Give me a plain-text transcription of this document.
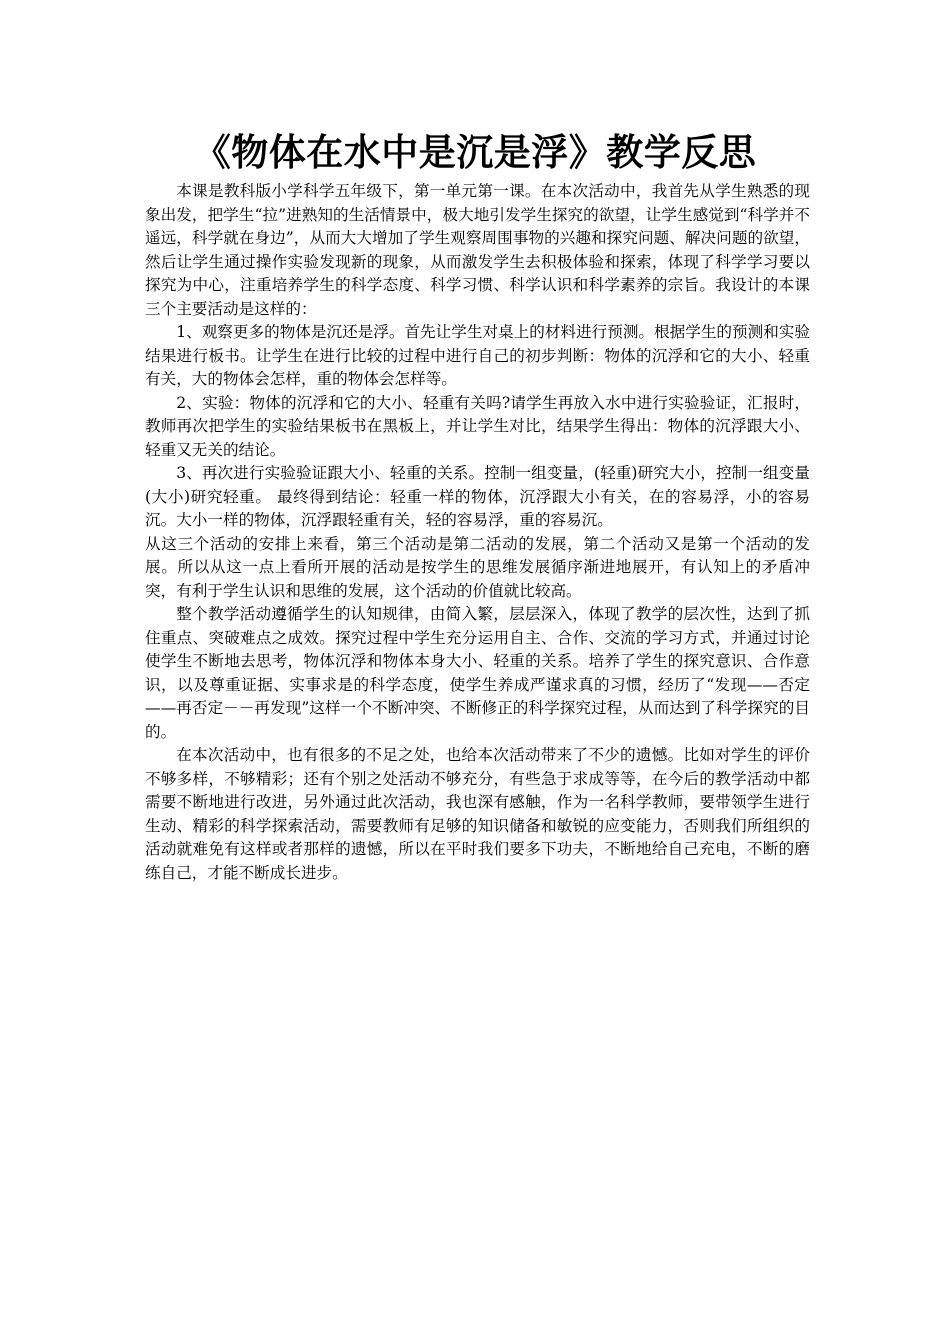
《物体在水中是沉是浮》教学反思

本课是教科版小学科学五年级下，第一单元第一课。在本次活动中，我首先从学生熟悉的现象出发，把学生“拉”进熟知的生活情景中，极大地引发学生探究的欲望，让学生感觉到“科学并不遥远，科学就在身边”，从而大大增加了学生观察周围事物的兴趣和探究问题、解决问题的欲望，然后让学生通过操作实验发现新的现象，从而激发学生去积极体验和探索，体现了科学学习要以探究为中心，注重培养学生的科学态度、科学习惯、科学认识和科学素养的宗旨。我设计的本课三个主要活动是这样的：

1、观察更多的物体是沉还是浮。首先让学生对桌上的材料进行预测。根据学生的预测和实验结果进行板书。让学生在进行比较的过程中进行自己的初步判断：物体的沉浮和它的大小、轻重有关，大的物体会怎样，重的物体会怎样等。

2、实验：物体的沉浮和它的大小、轻重有关吗?请学生再放入水中进行实验验证，汇报时，教师再次把学生的实验结果板书在黑板上，并让学生对比，结果学生得出：物体的沉浮跟大小、轻重又无关的结论。

3、再次进行实验验证跟大小、轻重的关系。控制一组变量，(轻重)研究大小，控制一组变量(大小)研究轻重。 最终得到结论：轻重一样的物体，沉浮跟大小有关，在的容易浮，小的容易沉。大小一样的物体，沉浮跟轻重有关，轻的容易浮，重的容易沉。

从这三个活动的安排上来看，第三个活动是第二活动的发展，第二个活动又是第一个活动的发展。所以从这一点上看所开展的活动是按学生的思维发展循序渐进地展开，有认知上的矛盾冲突，有利于学生认识和思维的发展，这个活动的价值就比较高。

整个教学活动遵循学生的认知规律，由简入繁，层层深入，体现了教学的层次性，达到了抓住重点、突破难点之成效。探究过程中学生充分运用自主、合作、交流的学习方式，并通过讨论使学生不断地去思考，物体沉浮和物体本身大小、轻重的关系。培养了学生的探究意识、合作意识，以及尊重证据、实事求是的科学态度，使学生养成严谨求真的习惯，经历了“发现——否定——再否定－－再发现”这样一个不断冲突、不断修正的科学探究过程，从而达到了科学探究的目的。

在本次活动中，也有很多的不足之处，也给本次活动带来了不少的遗憾。比如对学生的评价不够多样，不够精彩；还有个别之处活动不够充分，有些急于求成等等，在今后的教学活动中都需要不断地进行改进，另外通过此次活动，我也深有感触，作为一名科学教师，要带领学生进行生动、精彩的科学探索活动，需要教师有足够的知识储备和敏锐的应变能力，否则我们所组织的活动就难免有这样或者那样的遗憾，所以在平时我们要多下功夫，不断地给自己充电，不断的磨练自己，才能不断成长进步。
